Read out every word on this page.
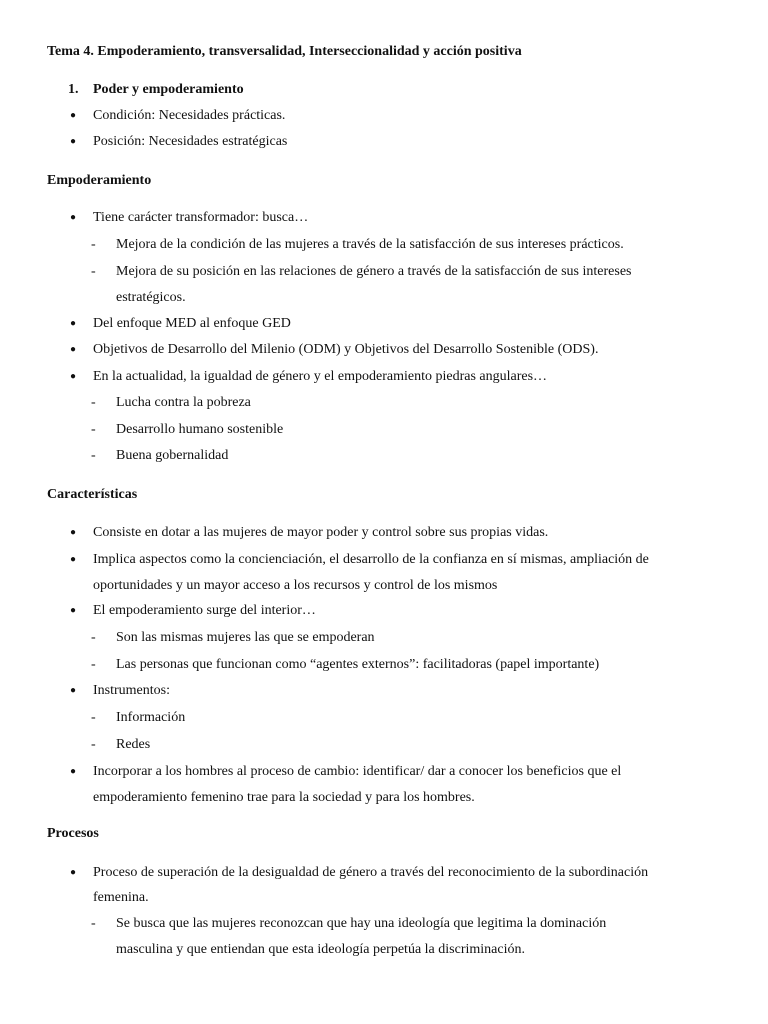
Tema 4. Empoderamiento, transversalidad, Interseccionalidad y acción positiva
1. Poder y empoderamiento
● Condición: Necesidades prácticas.
● Posición: Necesidades estratégicas
Empoderamiento
● Tiene carácter transformador: busca…
- Mejora de la condición de las mujeres a través de la satisfacción de sus intereses prácticos.
- Mejora de su posición en las relaciones de género a través de la satisfacción de sus intereses
estratégicos.
● Del enfoque MED al enfoque GED
● Objetivos de Desarrollo del Milenio (ODM) y Objetivos del Desarrollo Sostenible (ODS).
● En la actualidad, la igualdad de género y el empoderamiento piedras angulares…
- Lucha contra la pobreza
- Desarrollo humano sostenible
- Buena gobernalidad
Características
● Consiste en dotar a las mujeres de mayor poder y control sobre sus propias vidas.
● Implica aspectos como la concienciación, el desarrollo de la confianza en sí mismas, ampliación de
oportunidades y un mayor acceso a los recursos y control de los mismos
● El empoderamiento surge del interior…
- Son las mismas mujeres las que se empoderan
- Las personas que funcionan como “agentes externos”: facilitadoras (papel importante)
● Instrumentos:
- Información
- Redes
● Incorporar a los hombres al proceso de cambio: identificar/ dar a conocer los beneficios que el
empoderamiento femenino trae para la sociedad y para los hombres.
Procesos
● Proceso de superación de la desigualdad de género a través del reconocimiento de la subordinación
femenina.
- Se busca que las mujeres reconozcan que hay una ideología que legitima la dominación
masculina y que entiendan que esta ideología perpetúa la discriminación.
